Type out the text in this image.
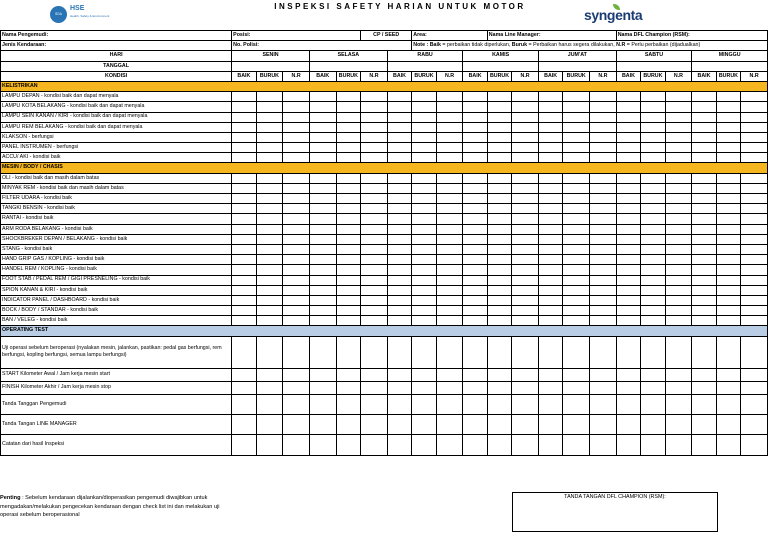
SGA
HSE
Health, Safety & Environment
INSPEKSI SAFETY HARIAN UNTUK MOTOR
syngenta
Nama Pengemudi:	Posisi:					CP / SEED		Area:			Nama Line Manager:					Nama DFL Champion (RSM):					
Jenis Kendaraan:	No. Polisi:							Note : Baik = perbaikan tidak diperlukan, Buruk = Perbaikan harus segera dilakukan, N.R = Perlu perbaikan (dijadualkan)													
HARI	SENIN			SELASA			RABU			KAMIS			JUM'AT			SABTU			MINGGU		
TANGGAL																					
KONDISI	BAIK	BURUK	N.R	BAIK	BURUK	N.R	BAIK	BURUK	N.R	BAIK	BURUK	N.R	BAIK	BURUK	N.R	BAIK	BURUK	N.R	BAIK	BURUK	N.R
KELISTRIKAN																					
LAMPU DEPAN - kondisi baik dan dapat menyala																					
LAMPU KOTA BELAKANG - kondisi baik dan dapat menyala																					
LAMPU SEIN KANAN / KIRI - kondisi baik dan dapat menyala																					
LAMPU REM BELAKANG - kondisi baik dan dapat menyala																					
KLAKSON - berfungsi																					
PANEL INSTRUMEN - berfungsi																					
ACCU/ AKI - kondisi baik																					
MESIN / BODY / CHASIS																					
OLI - kondisi baik dan masih dalam batas																					
MINYAK REM - kondisi baik dan masih dalam batas																					
FILTER UDARA - kondisi baik																					
TANGKI BENSIN - kondisi baik																					
RANTAI - kondisi baik																					
ARM RODA BELAKANG - kondisi baik																					
SHOCKBREKER DEPAN / BELAKANG - kondisi baik																					
STANG - kondisi baik																					
HAND GRIP GAS / KOPLING - kondisi baik																					
HANDEL REM / KOPLING - kondisi baik																					
FOOT STAB / PEDAL REM / GIGI PRESNELING - kondisi baik																					
SPION KANAN & KIRI - kondisi baik																					
INDICATOR PANEL / DASHBOARD - kondisi baik																					
BOCK / BODY / STANDAR - kondisi baik																					
BAN / VELEG - kondisi baik																					
OPERATING TEST																					
Uji operasi sebelum beroperasi (nyalakan mesin, jalankan, pastikan: pedal gas berfungsi, rem berfungsi, kopling berfungsi, semua lampu berfungsi)																					
START Kilometer Awal / Jam kerja mesin start																					
FINISH Kilometer Akhir / Jam kerja mesin stop																					
Tanda Tanggan Pengemudi																					
Tanda Tangan LINE MANAGER																					
Catatan dari hasil Inspeksi																					
Penting : Sebelum kendaraan dijalankan/dioperasikan pengemudi diwajibkan untuk mengadakan/melakukan pengecekan kendaraan dengan check list ini dan melakukan uji operasi sebelum beroperasional
TANDA TANGAN DFL CHAMPION (RSM):
